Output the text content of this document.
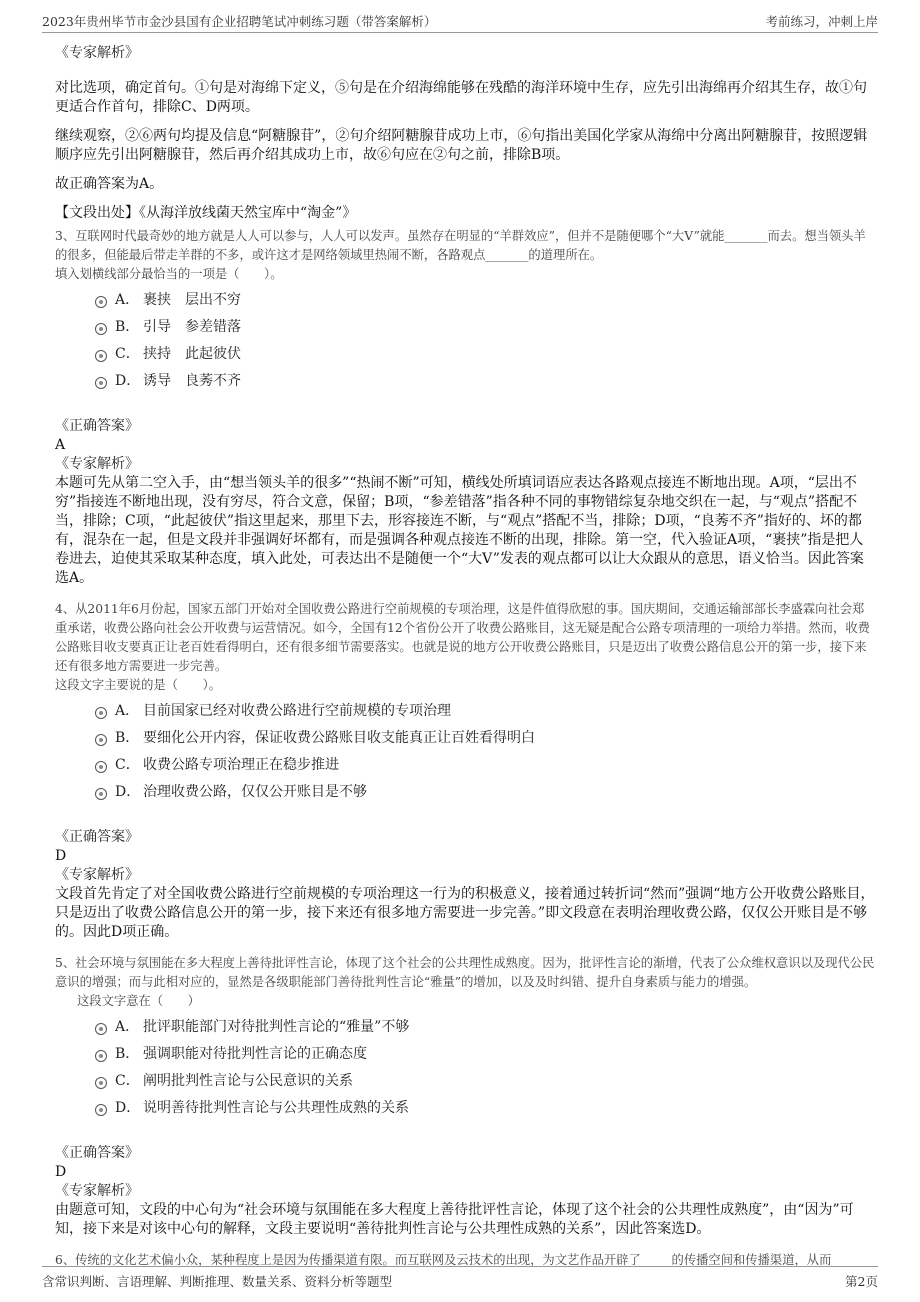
2023年贵州毕节市金沙县国有企业招聘笔试冲刺练习题（带答案解析）	考前练习，冲刺上岸
《专家解析》
对比选项，确定首句。①句是对海绵下定义，⑤句是在介绍海绵能够在残酷的海洋环境中生存，应先引出海绵再介绍其生存，故①句更适合作首句，排除C、D两项。
继续观察，②⑥两句均提及信息“阿糖腺苷”，②句介绍阿糖腺苷成功上市，⑥句指出美国化学家从海绵中分离出阿糖腺苷，按照逻辑顺序应先引出阿糖腺苷，然后再介绍其成功上市，故⑥句应在②句之前，排除B项。
故正确答案为A。
【文段出处】《从海洋放线菌天然宝库中“淘金”》
3、互联网时代最奇妙的地方就是人人可以参与，人人可以发声。虽然存在明显的“羊群效应”，但并不是随便哪个“大V”就能_______而去。想当领头羊的很多，但能最后带走羊群的不多，或许这才是网络领域里热闹不断，各路观点_______的道理所在。
填入划横线部分最恰当的一项是（　　）。
A． 裹挟　层出不穷
B． 引导　参差错落
C． 挟持　此起彼伏
D． 诱导　良莠不齐
《正确答案》
A
《专家解析》
本题可先从第二空入手，由“想当领头羊的很多”“热闹不断”可知，横线处所填词语应表达各路观点接连不断地出现。A项，“层出不穷”指接连不断地出现，没有穷尽，符合文意，保留；B项，“参差错落”指各种不同的事物错综复杂地交织在一起，与“观点”搭配不当，排除；C项，“此起彼伏”指这里起来，那里下去，形容接连不断，与“观点”搭配不当，排除；D项，“良莠不齐”指好的、坏的都有，混杂在一起，但是文段并非强调好坏都有，而是强调各种观点接连不断的出现，排除。第一空，代入验证A项，“裹挟”指是把人卷进去，迫使其采取某种态度，填入此处，可表达出不是随便一个“大V”发表的观点都可以让大众跟从的意思，语义恰当。因此答案选A。
4、从2011年6月份起，国家五部门开始对全国收费公路进行空前规模的专项治理，这是件值得欣慰的事。国庆期间，交通运输部部长李盛霖向社会郑重承诺，收费公路向社会公开收费与运营情况。如今，全国有12个省份公开了收费公路账目，这无疑是配合公路专项清理的一项给力举措。然而，收费公路账目收支要真正让老百姓看得明白，还有很多细节需要落实。也就是说的地方公开收费公路账目，只是迈出了收费公路信息公开的第一步，接下来还有很多地方需要进一步完善。
这段文字主要说的是（　　）。
A． 目前国家已经对收费公路进行空前规模的专项治理
B． 要细化公开内容，保证收费公路账目收支能真正让百姓看得明白
C． 收费公路专项治理正在稳步推进
D． 治理收费公路，仅仅公开账目是不够
《正确答案》
D
《专家解析》
文段首先肯定了对全国收费公路进行空前规模的专项治理这一行为的积极意义，接着通过转折词“然而”强调“地方公开收费公路账目，只是迈出了收费公路信息公开的第一步，接下来还有很多地方需要进一步完善。”即文段意在表明治理收费公路，仅仅公开账目是不够的。因此D项正确。
5、社会环境与氛围能在多大程度上善待批评性言论，体现了这个社会的公共理性成熟度。因为，批评性言论的渐增，代表了公众维权意识以及现代公民意识的增强；而与此相对应的，显然是各级职能部门善待批判性言论“雅量”的增加，以及及时纠错、提升自身素质与能力的增强。
这段文字意在（　　）
A． 批评职能部门对待批判性言论的“雅量”不够
B． 强调职能对待批判性言论的正确态度
C． 阐明批判性言论与公民意识的关系
D． 说明善待批判性言论与公共理性成熟的关系
《正确答案》
D
《专家解析》
由题意可知，文段的中心句为“社会环境与氛围能在多大程度上善待批评性言论，体现了这个社会的公共理性成熟度”，由“因为”可知，接下来是对该中心句的解释，文段主要说明“善待批判性言论与公共理性成熟的关系”，因此答案选D。
6、传统的文化艺术偏小众，某种程度上是因为传播渠道有限。而互联网及云技术的出现，为文艺作品开辟了_____的传播空间和传播渠道，从而
含常识判断、言语理解、判断推理、数量关系、资料分析等题型	第2页
